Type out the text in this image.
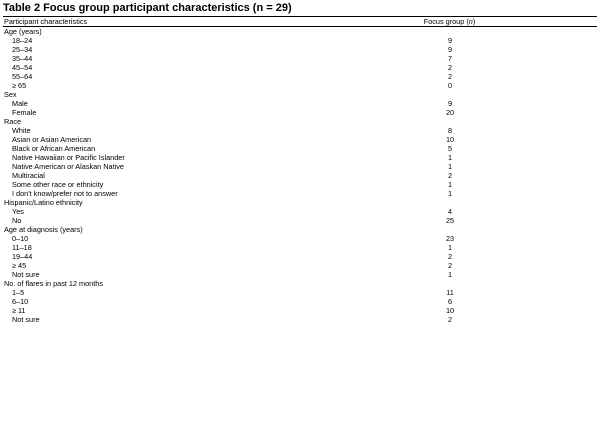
Table 2 Focus group participant characteristics (n = 29)
Participant characteristics	Focus group (n)
Age (years)	
18–24	9
25–34	9
35–44	7
45–54	2
55–64	2
≥ 65	0
Sex	
Male	9
Female	20
Race	
White	8
Asian or Asian American	10
Black or African American	5
Native Hawaiian or Pacific Islander	1
Native American or Alaskan Native	1
Multiracial	2
Some other race or ethnicity	1
I don't know/prefer not to answer	1
Hispanic/Latino ethnicity	
Yes	4
No	25
Age at diagnosis (years)	
0–10	23
11–18	1
19–44	2
≥ 45	2
Not sure	1
No. of flares in past 12 months	
1–5	11
6–10	6
≥ 11	10
Not sure	2
